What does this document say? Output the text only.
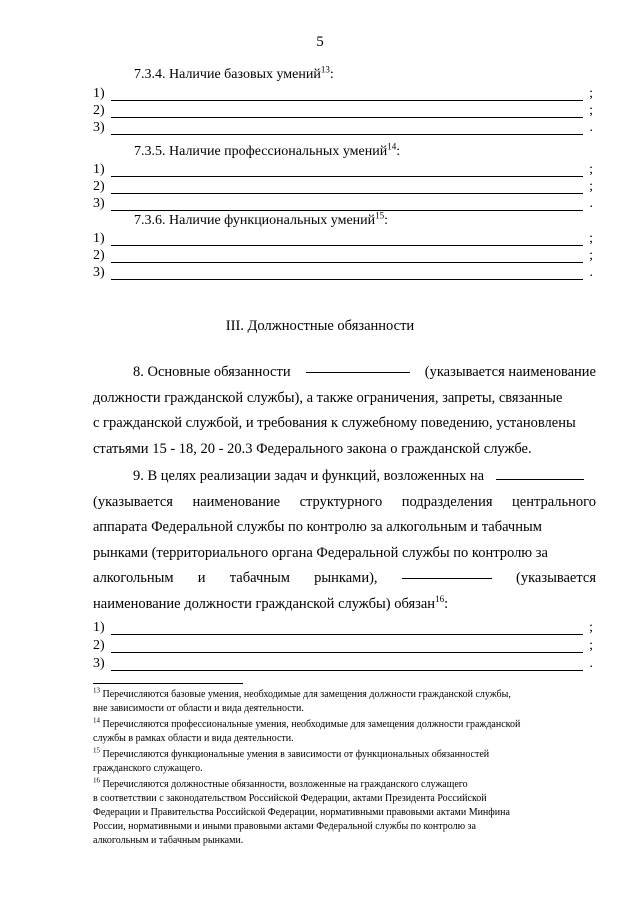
5
7.3.4. Наличие базовых умений$^{13}$:
1)	;
2)	;
3)	.
7.3.5. Наличие профессиональных умений$^{14}$:
1)	;
2)	;
3)	.
7.3.6. Наличие функциональных умений$^{15}$:
1)	;
2)	;
3)	.
III. Должностные обязанности
8. Основные обязанности	(указывается наименование
должности гражданской службы), а также ограничения, запреты, связанные
с гражданской службой, и требования к служебному поведению, установлены
статьями 15 - 18, 20 - 20.3 Федерального закона о гражданской службе.
9. В целях реализации задач и функций, возложенных на
(указывается наименование структурного подразделения центрального
аппарата Федеральной службы по контролю за алкогольным и табачным
рынками (территориального органа Федеральной службы по контролю за
алкогольным и табачным рынками),	(указывается
наименование должности гражданской службы) обязан$^{16}$:
1)	;
2)	;
3)	.

$^{13}$ Перечисляются базовые умения, необходимые для замещения должности гражданской службы,
вне зависимости от области и вида деятельности.

$^{14}$ Перечисляются профессиональные умения, необходимые для замещения должности гражданской
службы в рамках области и вида деятельности.

$^{15}$ Перечисляются функциональные умения в зависимости от функциональных обязанностей
гражданского служащего.

$^{16}$ Перечисляются должностные обязанности, возложенные на гражданского служащего
в соответствии с законодательством Российской Федерации, актами Президента Российской
Федерации и Правительства Российской Федерации, нормативными правовыми актами Минфина
России, нормативными и иными правовыми актами Федеральной службы по контролю за
алкогольным и табачным рынками.
